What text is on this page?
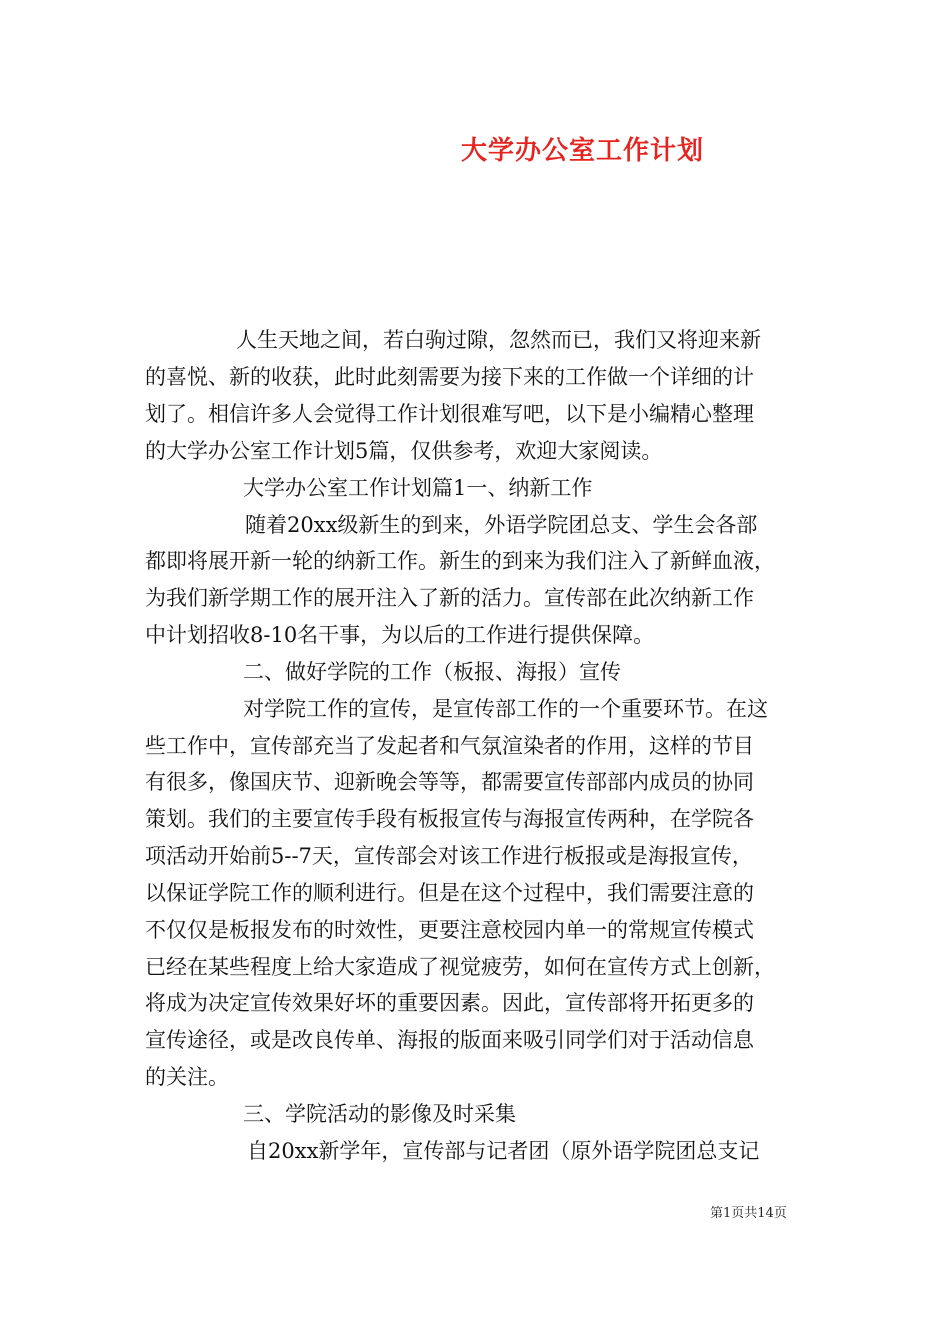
大学办公室工作计划
人生天地之间，若白驹过隙，忽然而已，我们又将迎来新
的喜悦、新的收获，此时此刻需要为接下来的工作做一个详细的计
划了。相信许多人会觉得工作计划很难写吧，以下是小编精心整理
的大学办公室工作计划5篇，仅供参考，欢迎大家阅读。
大学办公室工作计划篇1一、纳新工作
随着20xx级新生的到来，外语学院团总支、学生会各部
都即将展开新一轮的纳新工作。新生的到来为我们注入了新鲜血液，
为我们新学期工作的展开注入了新的活力。宣传部在此次纳新工作
中计划招收8-10名干事，为以后的工作进行提供保障。
二、做好学院的工作（板报、海报）宣传
对学院工作的宣传，是宣传部工作的一个重要环节。在这
些工作中，宣传部充当了发起者和气氛渲染者的作用，这样的节目
有很多，像国庆节、迎新晚会等等，都需要宣传部部内成员的协同
策划。我们的主要宣传手段有板报宣传与海报宣传两种，在学院各
项活动开始前5--7天，宣传部会对该工作进行板报或是海报宣传，
以保证学院工作的顺利进行。但是在这个过程中，我们需要注意的
不仅仅是板报发布的时效性，更要注意校园内单一的常规宣传模式
已经在某些程度上给大家造成了视觉疲劳，如何在宣传方式上创新，
将成为决定宣传效果好坏的重要因素。因此，宣传部将开拓更多的
宣传途径，或是改良传单、海报的版面来吸引同学们对于活动信息
的关注。
三、学院活动的影像及时采集
自20xx新学年，宣传部与记者团（原外语学院团总支记
第1页共14页
